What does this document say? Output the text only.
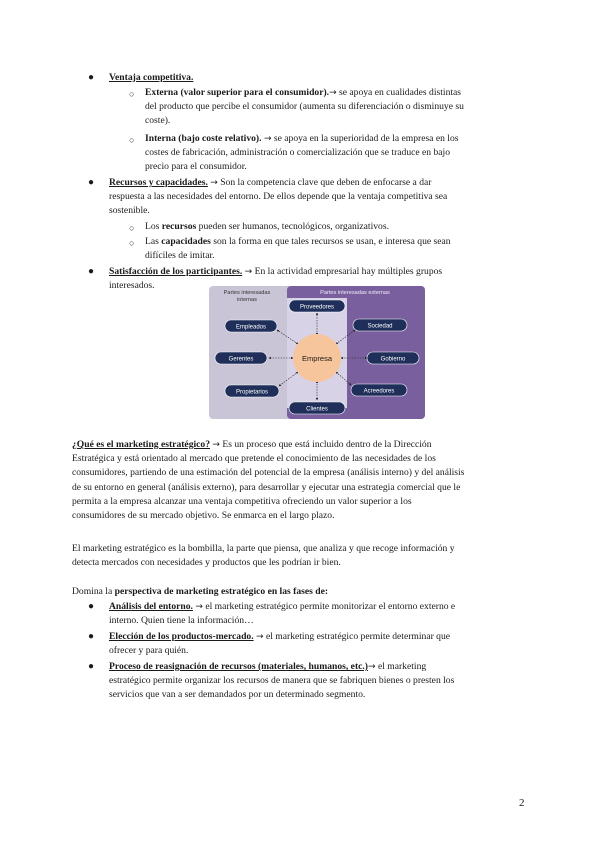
● Ventaja competitiva.

○ Externa (valor superior para el consumidor).→ se apoya en cualidades distintas

del producto que percibe el consumidor (aumenta su diferenciación o disminuye su

coste).

○ Interna (bajo coste relativo). → se apoya en la superioridad de la empresa en los

costes de fabricación, administración o comercialización que se traduce en bajo

precio para el consumidor.

● Recursos y capacidades. → Son la competencia clave que deben de enfocarse a dar

respuesta a las necesidades del entorno. De ellos depende que la ventaja competitiva sea

sostenible.

○ Los recursos pueden ser humanos, tecnológicos, organizativos.

○ Las capacidades son la forma en que tales recursos se usan, e interesa que sean

difíciles de imitar.

● Satisfacción de los participantes. → En la actividad empresarial hay múltiples grupos

interesados.

Partes interesadas
internas
Partes interesadas externas
Empresa
Empleados
Gerentes
Propietarios
Proveedores
Sociedad
Gobierno
Acreedores
Clientes

¿Qué es el marketing estratégico? → Es un proceso que está incluido dentro de la Dirección

Estratégica y está orientado al mercado que pretende el conocimiento de las necesidades de los

consumidores, partiendo de una estimación del potencial de la empresa (análisis interno) y del análisis

de su entorno en general (análisis externo), para desarrollar y ejecutar una estrategia comercial que le

permita a la empresa alcanzar una ventaja competitiva ofreciendo un valor superior a los

consumidores de su mercado objetivo. Se enmarca en el largo plazo.

El marketing estratégico es la bombilla, la parte que piensa, que analiza y que recoge información y

detecta mercados con necesidades y productos que les podrían ir bien.

Domina la perspectiva de marketing estratégico en las fases de:

● Análisis del entorno. → el marketing estratégico permite monitorizar el entorno externo e

interno. Quien tiene la información…

● Elección de los productos-mercado. → el marketing estratégico permite determinar que

ofrecer y para quién.

● Proceso de reasignación de recursos (materiales, humanos, etc.)→ el marketing

estratégico permite organizar los recursos de manera que se fabriquen bienes o presten los

servicios que van a ser demandados por un determinado segmento.

2
